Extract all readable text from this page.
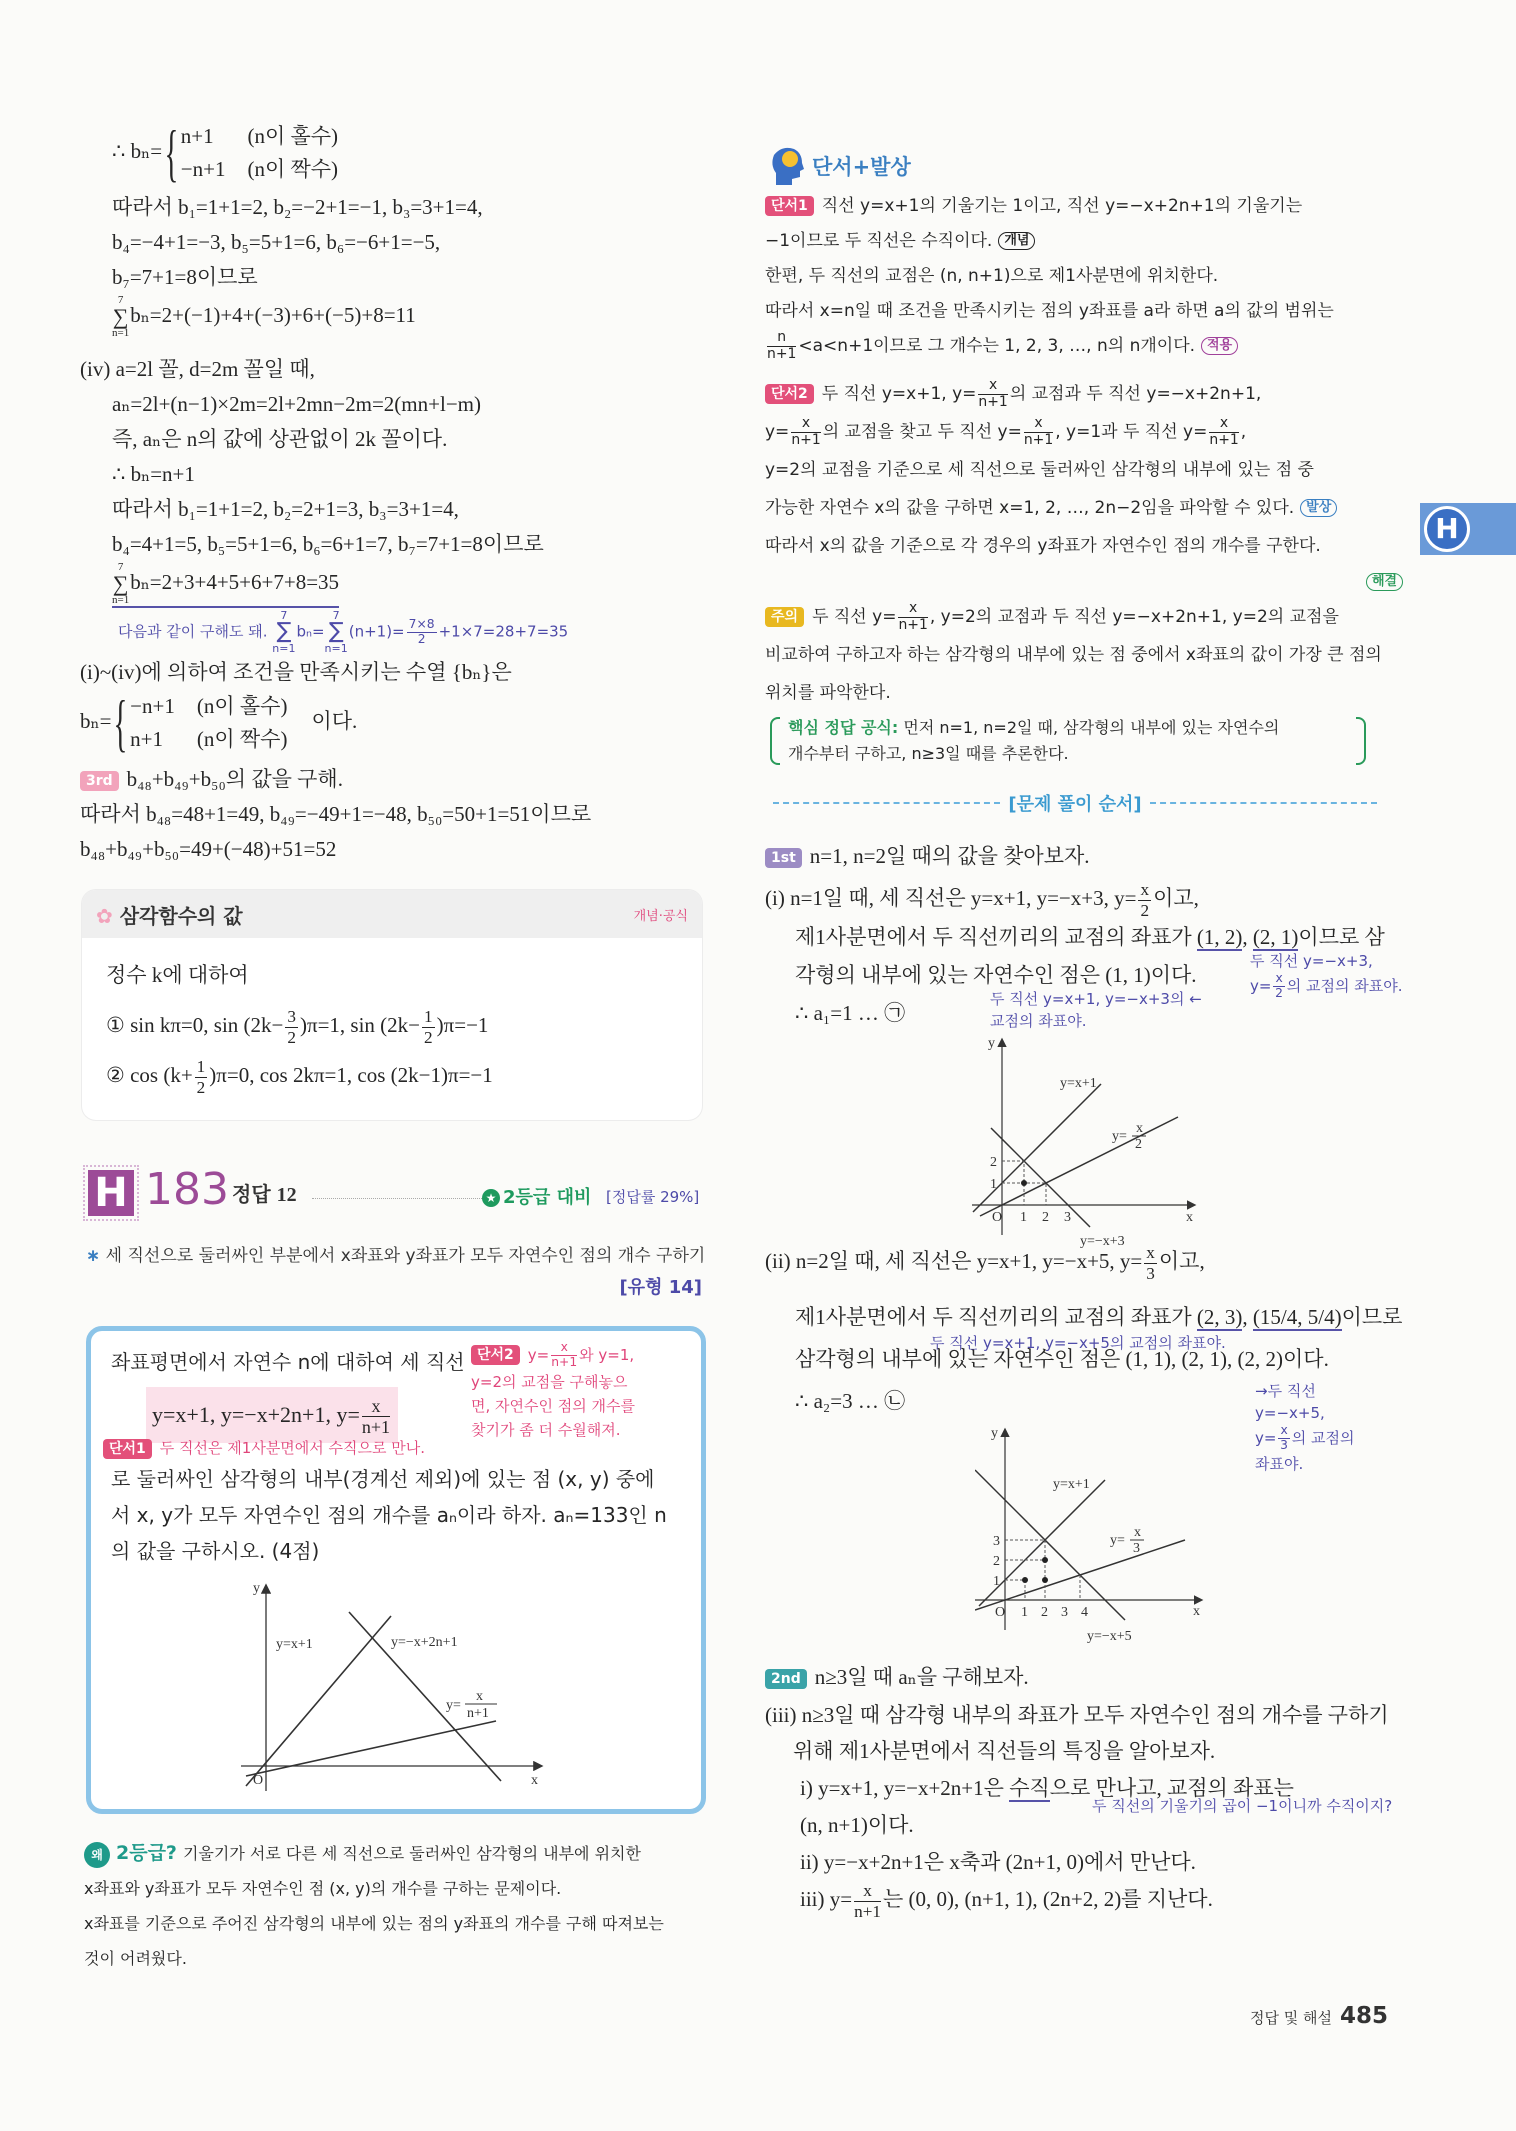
∴ bₙ=
{ n+1	(n이 홀수)
−n+1	(n이 짝수)
따라서 b₁=1+1=2, b₂=−2+1=−1, b₃=3+1=4,
b₄=−4+1=−3, b₅=5+1=6, b₆=−6+1=−5,
b₇=7+1=8이므로
7
∑
n=1
bₙ=2+(−1)+4+(−3)+6+(−5)+8=11
(iv) a=2l 꼴, d=2m 꼴일 때,
aₙ=2l+(n−1)×2m=2l+2mn−2m=2(mn+l−m)
즉, aₙ은 n의 값에 상관없이 2k 꼴이다.
∴ bₙ=n+1
따라서 b₁=1+1=2, b₂=2+1=3, b₃=3+1=4,
b₄=4+1=5, b₅=5+1=6, b₆=6+1=7, b₇=7+1=8이므로
7
∑
n=1
bₙ=2+3+4+5+6+7+8=35
다음과 같이 구해도 돼.
7
∑
n=1
bₙ=
7
∑
n=1
$(n+1)= \frac{7\times 8}{2} +1\times 7=28+7=35$
(i)~(iv)에 의하여 조건을 만족시키는 수열 {bₙ}은
bₙ=
{ −n+1	(n이 홀수)
n+1	(n이 짝수)
이다.
3rd b₄₈+b₄₉+b₅₀의 값을 구해.
따라서 b₄₈=48+1=49, b₄₉=−49+1=−48, b₅₀=50+1=51이므로
b₄₈+b₄₉+b₅₀=49+(−48)+51=52
✿ 삼각함수의 값	개념·공식
정수 k에 대하여
① sin kπ=0, $\sin (2k- \frac{3}{2} )\pi=1$, $\sin (2k- \frac{1}{2} )\pi=-1$
② $\cos (k+ \frac{1}{2} )\pi=0$, cos 2kπ=1, cos (2k−1)π=−1
H 183 정답 12	★ 2등급 대비 [정답률 29%]
∗ 세 직선으로 둘러싸인 부분에서 x좌표와 y좌표가 모두 자연수인 점의 개수 구하기
[유형 14]
좌표평면에서 자연수 n에 대하여 세 직선
y=x+1, y=−x+2n+1, $y= \frac{x}{n+1}$
단서1 두 직선은 제1사분면에서 수직으로 만나.
단서2 $y= \frac{x}{n+1}$ 와 y=1,
y=2의 교점을 구해놓으
면, 자연수인 점의 개수를
찾기가 좀 더 수월해져.
로 둘러싸인 삼각형의 내부(경계선 제외)에 있는 점 (x, y) 중에
서 x, y가 모두 자연수인 점의 개수를 aₙ이라 하자. aₙ=133인 n
의 값을 구하시오. (4점)
y
x
O
y=x+1	y=−x+2n+1
y=
x
n+1
왜 2등급? 기울기가 서로 다른 세 직선으로 둘러싸인 삼각형의 내부에 위치한
x좌표와 y좌표가 모두 자연수인 점 (x, y)의 개수를 구하는 문제이다.
x좌표를 기준으로 주어진 삼각형의 내부에 있는 점의 y좌표의 개수를 구해 따져보는
것이 어려웠다.
단서+발상
단서1 직선 y=x+1의 기울기는 1이고, 직선 y=−x+2n+1의 기울기는
−1이므로 두 직선은 수직이다. 개념
한편, 두 직선의 교점은 (n, n+1)으로 제1사분면에 위치한다.
따라서 x=n일 때 조건을 만족시키는 점의 y좌표를 a라 하면 a의 값의 범위는
$\frac{n}{n+1} <a<n+1$이므로 그 개수는 1, 2, 3, …, n의 n개이다. 적용
단서2 두 직선 y=x+1, $y= \frac{x}{n+1}$ 의 교점과 두 직선 y=−x+2n+1,
$y= \frac{x}{n+1}$ 의 교점을 찾고 두 직선 $y= \frac{x}{n+1}$ , y=1과 두 직선 $y= \frac{x}{n+1}$ ,
y=2의 교점을 기준으로 세 직선으로 둘러싸인 삼각형의 내부에 있는 점 중
가능한 자연수 x의 값을 구하면 x=1, 2, …, 2n−2임을 파악할 수 있다. 발상
따라서 x의 값을 기준으로 각 경우의 y좌표가 자연수인 점의 개수를 구한다.
해결
주의 두 직선 $y= \frac{x}{n+1}$ , y=2의 교점과 두 직선 y=−x+2n+1, y=2의 교점을
비교하여 구하고자 하는 삼각형의 내부에 있는 점 중에서 x좌표의 값이 가장 큰 점의
위치를 파악한다.
핵심 정답 공식: 먼저 n=1, n=2일 때, 삼각형의 내부에 있는 자연수의
개수부터 구하고, n≥3일 때를 추론한다.
[문제 풀이 순서]
1st n=1, n=2일 때의 값을 찾아보자.
(i) n=1일 때, 세 직선은 y=x+1, y=−x+3, $y= \frac{x}{2}$ 이고,
제1사분면에서 두 직선끼리의 교점의 좌표가 (1, 2), (2, 1)이므로 삼
각형의 내부에 있는 자연수인 점은 (1, 1)이다.
∴ a₁=1 … ㉠
두 직선 y=x+1, y=−x+3의 ←
교점의 좌표야.
두 직선 y=−x+3,
$y= \frac{x}{2}$ 의 교점의 좌표야.
y
x
O 1 2 3
1
2
y=x+1
y=
x
2
y=−x+3
(ii) n=2일 때, 세 직선은 y=x+1, y=−x+5, $y= \frac{x}{3}$ 이고,
제1사분면에서 두 직선끼리의 교점의 좌표가 (2, 3), (15/4, 5/4)이므로
삼각형의 내부에 있는 자연수인 점은 (1, 1), (2, 1), (2, 2)이다.
∴ a₂=3 … ㉡
두 직선 y=x+1, y=−x+5의 교점의 좌표야.
→두 직선
y=−x+5,
$y= \frac{x}{3}$ 의 교점의
좌표야.
y
x
O 1 2 3 4
1
2
3
y=x+1
y=
x
3
y=−x+5
2nd n≥3일 때 aₙ을 구해보자.
(iii) n≥3일 때 삼각형 내부의 좌표가 모두 자연수인 점의 개수를 구하기
위해 제1사분면에서 직선들의 특징을 알아보자.
i) y=x+1, y=−x+2n+1은 수직으로 만나고, 교점의 좌표는
(n, n+1)이다.
ii) y=−x+2n+1은 x축과 (2n+1, 0)에서 만난다.
iii) $y= \frac{x}{n+1}$ 는 (0, 0), (n+1, 1), (2n+2, 2)를 지난다.
두 직선의 기울기의 곱이 −1이니까 수직이지?
H
정답 및 해설 485
